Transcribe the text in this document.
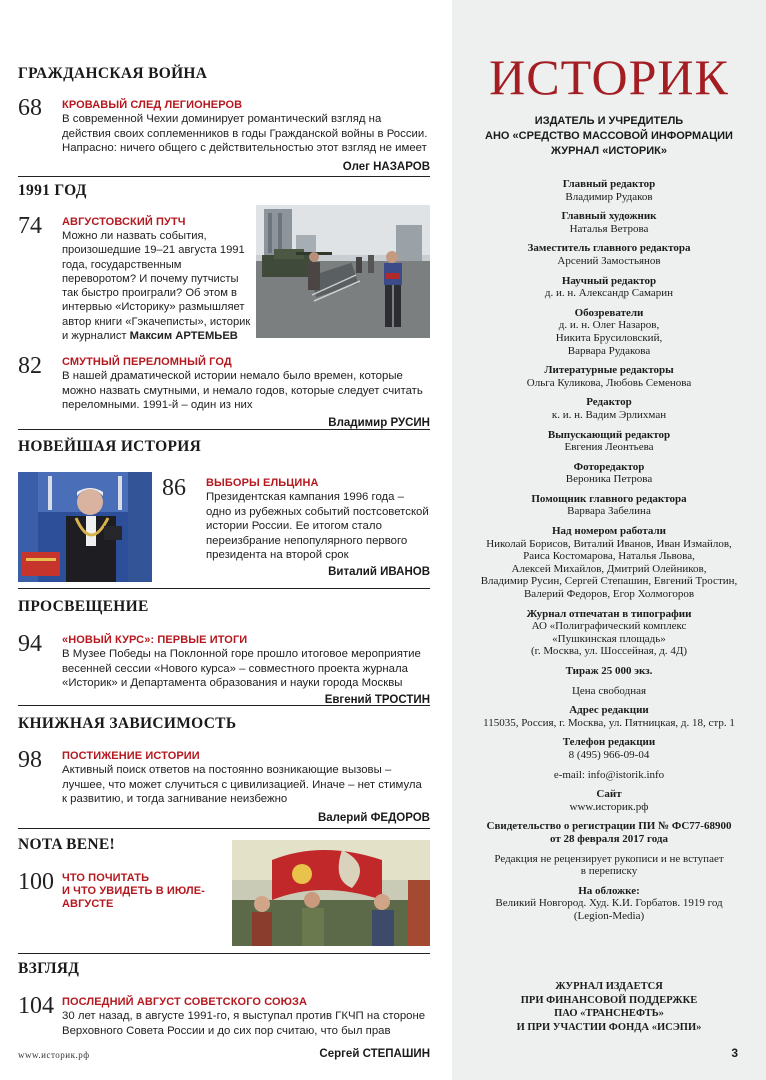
ГРАЖДАНСКАЯ ВОЙНА
68 КРОВАВЫЙ СЛЕД ЛЕГИОНЕРОВ
В современной Чехии доминирует романтический взгляд на действия своих соплеменников в годы Гражданской войны в России. Напрасно: ничего общего с действительностью этот взгляд не имеет
Олег НАЗАРОВ
1991 ГОД
74 АВГУСТОВСКИЙ ПУТЧ
Можно ли назвать события, произошедшие 19–21 августа 1991 года, государственным переворотом? И почему путчисты так быстро проиграли? Об этом в интервью «Историку» размышляет автор книги «Гэкачеписты», историк и журналист Максим АРТЕМЬЕВ
82 СМУТНЫЙ ПЕРЕЛОМНЫЙ ГОД
В нашей драматической истории немало было времен, которые можно назвать смутными, и немало годов, которые следует считать переломными. 1991-й – один из них
Владимир РУСИН
НОВЕЙШАЯ ИСТОРИЯ
86 ВЫБОРЫ ЕЛЬЦИНА
Президентская кампания 1996 года – одно из рубежных событий постсоветской истории России. Ее итогом стало переизбрание непопулярного первого президента на второй срок
Виталий ИВАНОВ
ПРОСВЕЩЕНИЕ
94 «НОВЫЙ КУРС»: ПЕРВЫЕ ИТОГИ
В Музее Победы на Поклонной горе прошло итоговое мероприятие весенней сессии «Нового курса» – совместного проекта журнала «Историк» и Департамента образования и науки города Москвы
Евгений ТРОСТИН
КНИЖНАЯ ЗАВИСИМОСТЬ
98 ПОСТИЖЕНИЕ ИСТОРИИ
Активный поиск ответов на постоянно возникающие вызовы – лучшее, что может случиться с цивилизацией. Иначе – нет стимула к развитию, и тогда загнивание неизбежно
Валерий ФЕДОРОВ
NOTA BENE!
100 ЧТО ПОЧИТАТЬ
И ЧТО УВИДЕТЬ В ИЮЛЕ-АВГУСТЕ
ВЗГЛЯД
104 ПОСЛЕДНИЙ АВГУСТ СОВЕТСКОГО СОЮЗА
30 лет назад, в августе 1991-го, я выступал против ГКЧП на стороне Верховного Совета России и до сих пор считаю, что был прав
Сергей СТЕПАШИН
www.историк.рф
ИСТОРИК
ИЗДАТЕЛЬ И УЧРЕДИТЕЛЬ
АНО «СРЕДСТВО МАССОВОЙ ИНФОРМАЦИИ
ЖУРНАЛ «ИСТОРИК»
Главный редактор
Владимир Рудаков
Главный художник
Наталья Ветрова
Заместитель главного редактора
Арсений Замостьянов
Научный редактор
д. и. н. Александр Самарин
Обозреватели
д. и. н. Олег Назаров,
Никита Брусиловский,
Варвара Рудакова
Литературные редакторы
Ольга Куликова, Любовь Семенова
Редактор
к. и. н. Вадим Эрлихман
Выпускающий редактор
Евгения Леонтьева
Фоторедактор
Вероника Петрова
Помощник главного редактора
Варвара Забелина
Над номером работали
Николай Борисов, Виталий Иванов, Иван Измайлов,
Раиса Костомарова, Наталья Львова,
Алексей Михайлов, Дмитрий Олейников,
Владимир Русин, Сергей Степашин, Евгений Тростин,
Валерий Федоров, Егор Холмогоров
Журнал отпечатан в типографии
АО «Полиграфический комплекс
«Пушкинская площадь»
(г. Москва, ул. Шоссейная, д. 4Д)
Тираж 25 000 экз.
Цена свободная
Адрес редакции
115035, Россия, г. Москва, ул. Пятницкая, д. 18, стр. 1
Телефон редакции
8 (495) 966-09-04
e-mail: info@istorik.info
Сайт
www.историк.рф
Свидетельство о регистрации ПИ № ФС77-68900
от 28 февраля 2017 года
Редакция не рецензирует рукописи и не вступает
в переписку
На обложке:
Великий Новгород. Худ. К.И. Горбатов. 1919 год
(Legion-Media)
ЖУРНАЛ ИЗДАЕТСЯ
ПРИ ФИНАНСОВОЙ ПОДДЕРЖКЕ
ПАО «ТРАНСНЕФТЬ»
И ПРИ УЧАСТИИ ФОНДА «ИСЭПИ»
3
